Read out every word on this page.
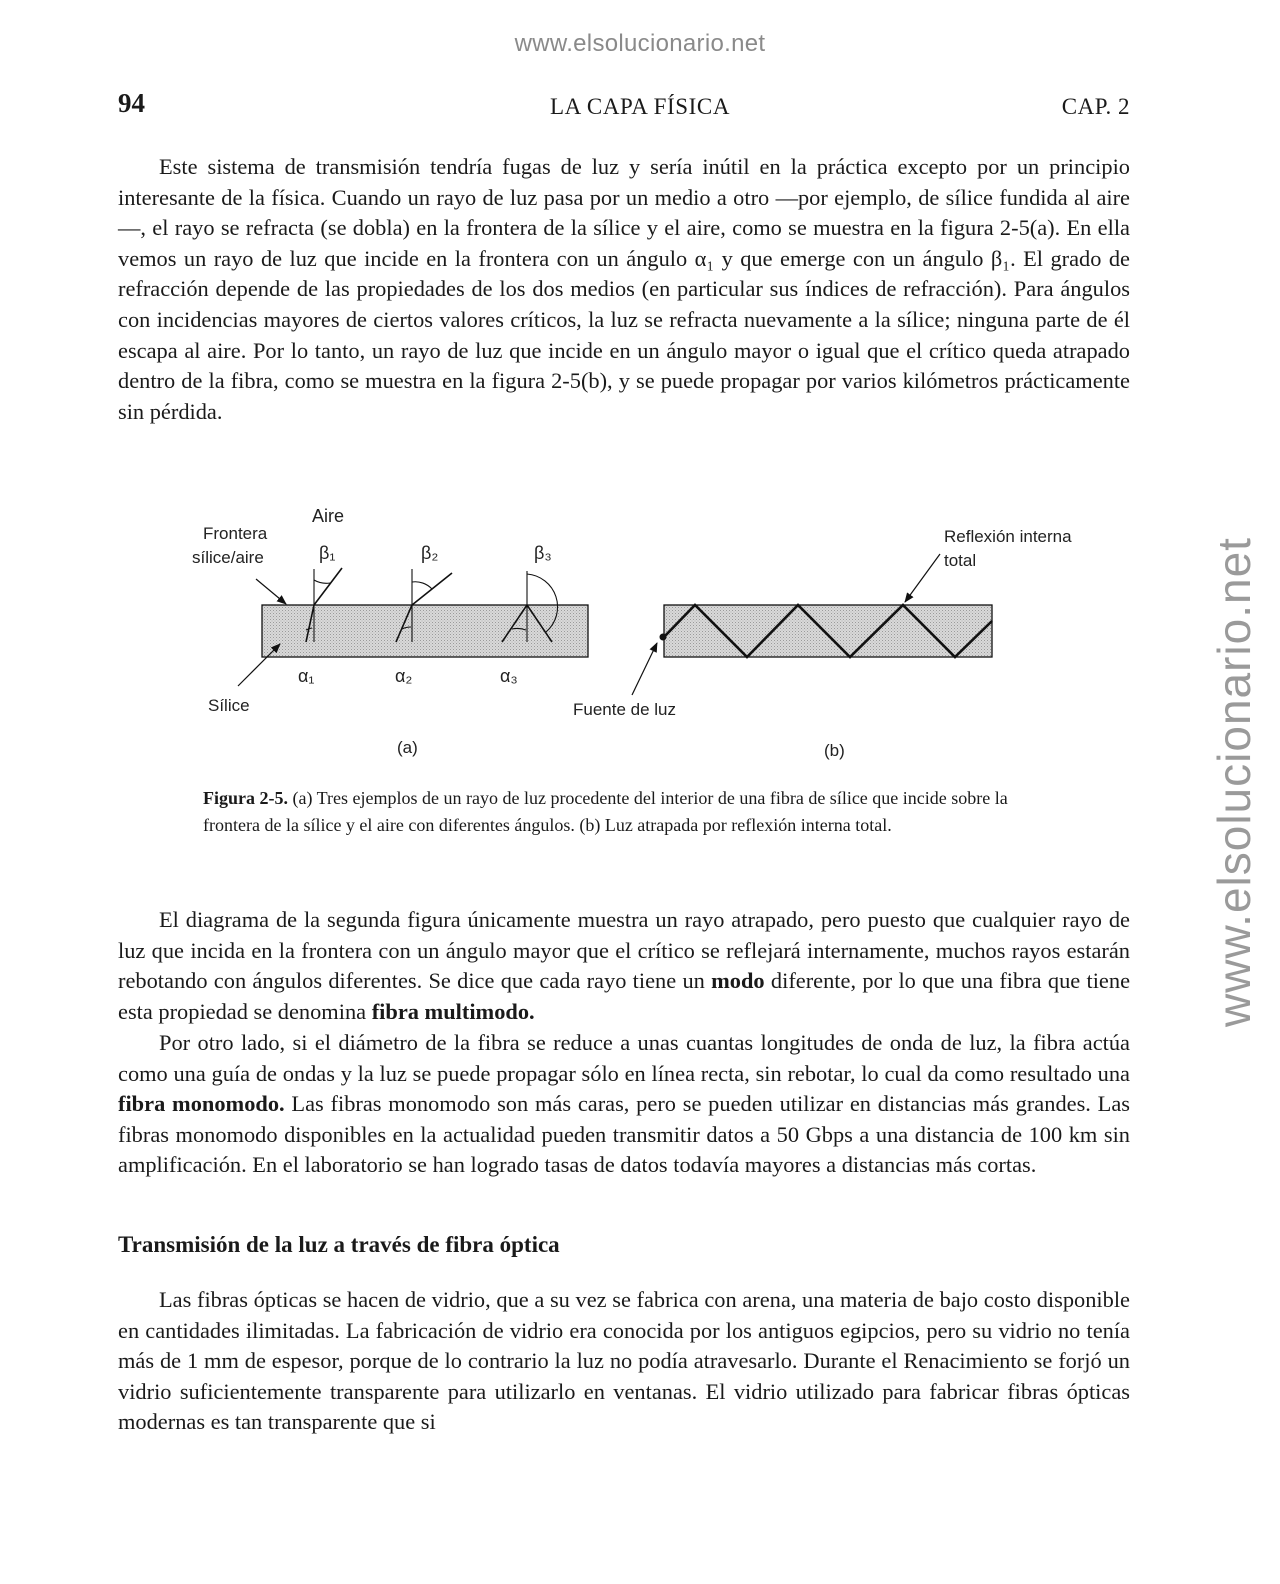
www.elsolucionario.net
www.elsolucionario.net
94	LA CAPA FÍSICA	CAP. 2

Este sistema de transmisión tendría fugas de luz y sería inútil en la práctica excepto por un principio interesante de la física. Cuando un rayo de luz pasa por un medio a otro —por ejemplo, de sílice fundida al aire—, el rayo se refracta (se dobla) en la frontera de la sílice y el aire, como se muestra en la figura 2-5(a). En ella vemos un rayo de luz que incide en la frontera con un ángulo α₁ y que emerge con un ángulo β₁. El grado de refracción depende de las propiedades de los dos medios (en particular sus índices de refracción). Para ángulos con incidencias mayores de ciertos valores críticos, la luz se refracta nuevamente a la sílice; ninguna parte de él escapa al aire. Por lo tanto, un rayo de luz que incide en un ángulo mayor o igual que el crítico queda atrapado dentro de la fibra, como se muestra en la figura 2-5(b), y se puede propagar por varios kilómetros prácticamente sin pérdida.

Aire
Frontera
sílice/aire	β₁	β₂	β₃
α₁	α₂	α₃
Sílice
Reflexión interna
total
Fuente de luz
(a)	(b)

Figura 2-5. (a) Tres ejemplos de un rayo de luz procedente del interior de una fibra de sílice que incide sobre la frontera de la sílice y el aire con diferentes ángulos. (b) Luz atrapada por reflexión interna total.

El diagrama de la segunda figura únicamente muestra un rayo atrapado, pero puesto que cualquier rayo de luz que incida en la frontera con un ángulo mayor que el crítico se reflejará internamente, muchos rayos estarán rebotando con ángulos diferentes. Se dice que cada rayo tiene un modo diferente, por lo que una fibra que tiene esta propiedad se denomina fibra multimodo.

Por otro lado, si el diámetro de la fibra se reduce a unas cuantas longitudes de onda de luz, la fibra actúa como una guía de ondas y la luz se puede propagar sólo en línea recta, sin rebotar, lo cual da como resultado una fibra monomodo. Las fibras monomodo son más caras, pero se pueden utilizar en distancias más grandes. Las fibras monomodo disponibles en la actualidad pueden transmitir datos a 50 Gbps a una distancia de 100 km sin amplificación. En el laboratorio se han logrado tasas de datos todavía mayores a distancias más cortas.

Transmisión de la luz a través de fibra óptica

Las fibras ópticas se hacen de vidrio, que a su vez se fabrica con arena, una materia de bajo costo disponible en cantidades ilimitadas. La fabricación de vidrio era conocida por los antiguos egipcios, pero su vidrio no tenía más de 1 mm de espesor, porque de lo contrario la luz no podía atravesarlo. Durante el Renacimiento se forjó un vidrio suficientemente transparente para utilizarlo en ventanas. El vidrio utilizado para fabricar fibras ópticas modernas es tan transparente que si
